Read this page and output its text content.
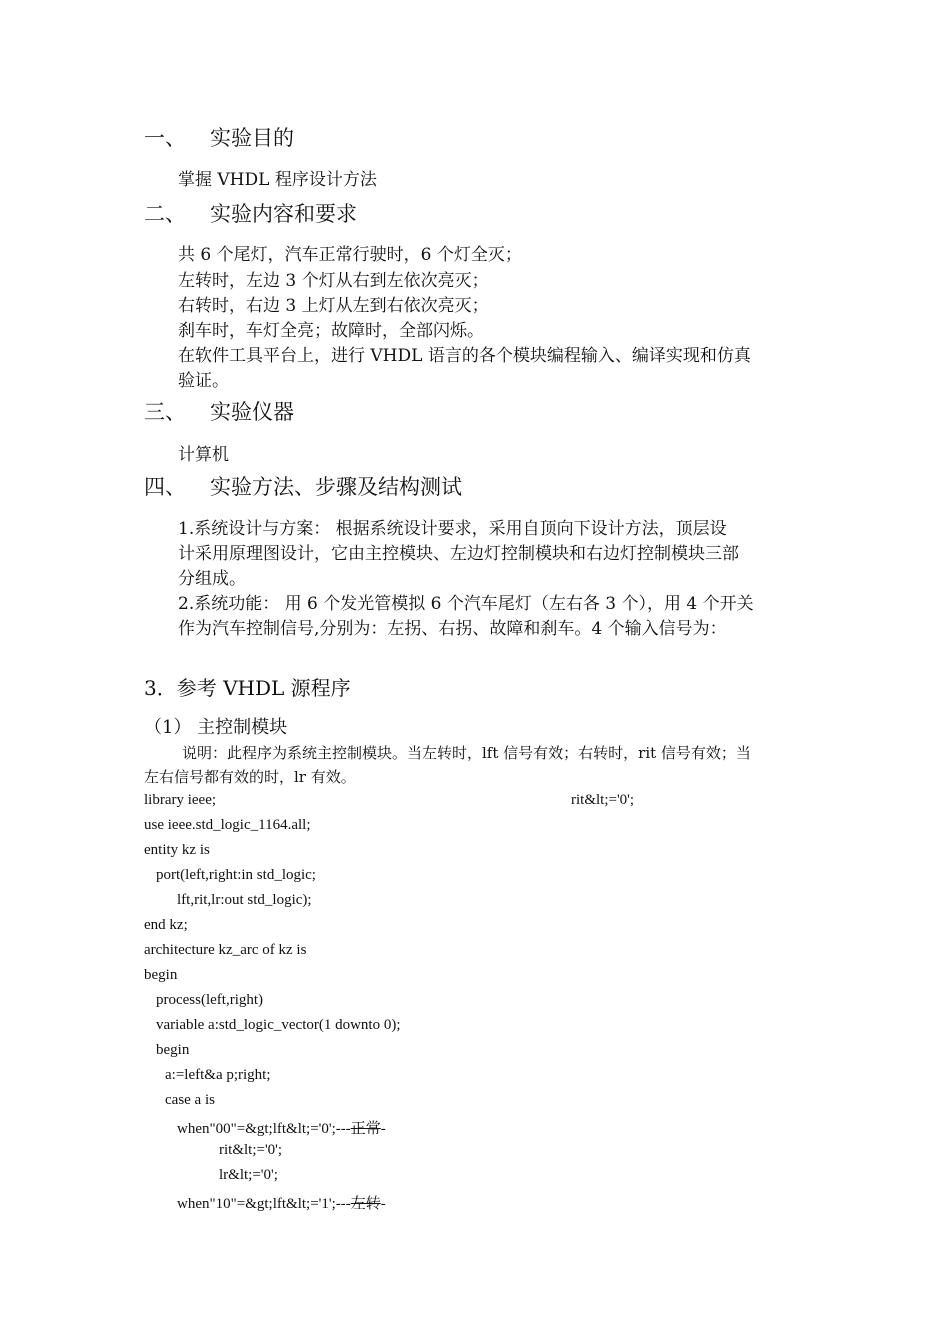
一、 实验目的
掌握 VHDL 程序设计方法
二、 实验内容和要求
共 6 个尾灯，汽车正常行驶时，6 个灯全灭；
左转时，左边 3 个灯从右到左依次亮灭；
右转时，右边 3 上灯从左到右依次亮灭；
刹车时，车灯全亮；故障时，全部闪烁。
在软件工具平台上，进行 VHDL 语言的各个模块编程输入、编译实现和仿真
验证。
三、 实验仪器
计算机
四、 实验方法、步骤及结构测试
1.系统设计与方案： 根据系统设计要求，采用自顶向下设计方法，顶层设
计采用原理图设计，它由主控模块、左边灯控制模块和右边灯控制模块三部
分组成。
2.系统功能： 用 6 个发光管模拟 6 个汽车尾灯（左右各 3 个），用 4 个开关
作为汽车控制信号,分别为：左拐、右拐、故障和刹车。4 个输入信号为：
3．参考 VHDL 源程序
（1） 主控制模块
说明：此程序为系统主控制模块。当左转时，lft 信号有效；右转时，rit 信号有效；当
左右信号都有效的时，lr 有效。
rit&lt;='0';
library ieee;
use ieee.std_logic_1164.all;
entity kz is
port(left,right:in std_logic;
lft,rit,lr:out std_logic);
end kz;
architecture kz_arc of kz is
begin
process(left,right)
variable a:std_logic_vector(1 downto 0);
begin
a:=left&a p;right;
case a is
when"00"=&gt;lft&lt;='0';---正常-
rit&lt;='0';
lr&lt;='0';
when"10"=&gt;lft&lt;='1';---左转-
